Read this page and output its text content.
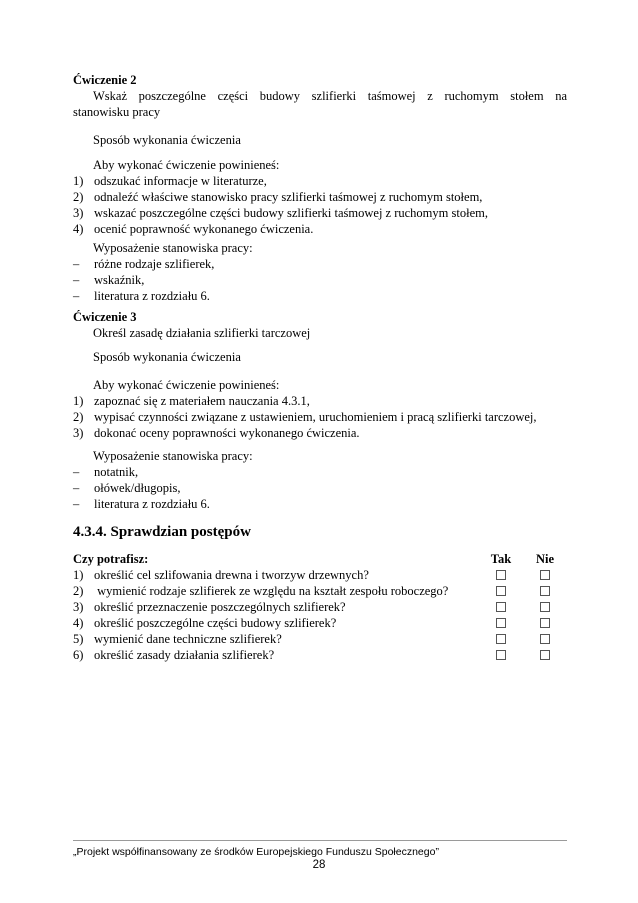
Ćwiczenie 2
Wskaż poszczególne części budowy szlifierki taśmowej z ruchomym stołem na
stanowisku pracy
Sposób wykonania ćwiczenia
Aby wykonać ćwiczenie powinieneś:
1) odszukać informacje w literaturze,
2) odnaleźć właściwe stanowisko pracy szlifierki taśmowej z ruchomym stołem,
3) wskazać poszczególne części budowy szlifierki taśmowej z ruchomym stołem,
4) ocenić poprawność wykonanego ćwiczenia.
Wyposażenie stanowiska pracy:
–	różne rodzaje szlifierek,
–	wskaźnik,
–	literatura z rozdziału 6.
Ćwiczenie 3
Określ zasadę działania szlifierki tarczowej
Sposób wykonania ćwiczenia
Aby wykonać ćwiczenie powinieneś:
1) zapoznać się z materiałem nauczania 4.3.1,
2) wypisać czynności związane z ustawieniem, uruchomieniem i pracą szlifierki tarczowej,
3) dokonać oceny poprawności wykonanego ćwiczenia.
Wyposażenie stanowiska pracy:
–	notatnik,
–	ołówek/długopis,
–	literatura z rozdziału 6.
4.3.4. Sprawdzian postępów
Czy potrafisz:	Tak	Nie
1) określić cel szlifowania drewna i tworzyw drzewnych?
2) wymienić rodzaje szlifierek ze względu na kształt zespołu roboczego?
3) określić przeznaczenie poszczególnych szlifierek?
4) określić poszczególne części budowy szlifierek?
5) wymienić dane techniczne szlifierek?
6) określić zasady działania szlifierek?
„Projekt współfinansowany ze środków Europejskiego Funduszu Społecznego”
28
